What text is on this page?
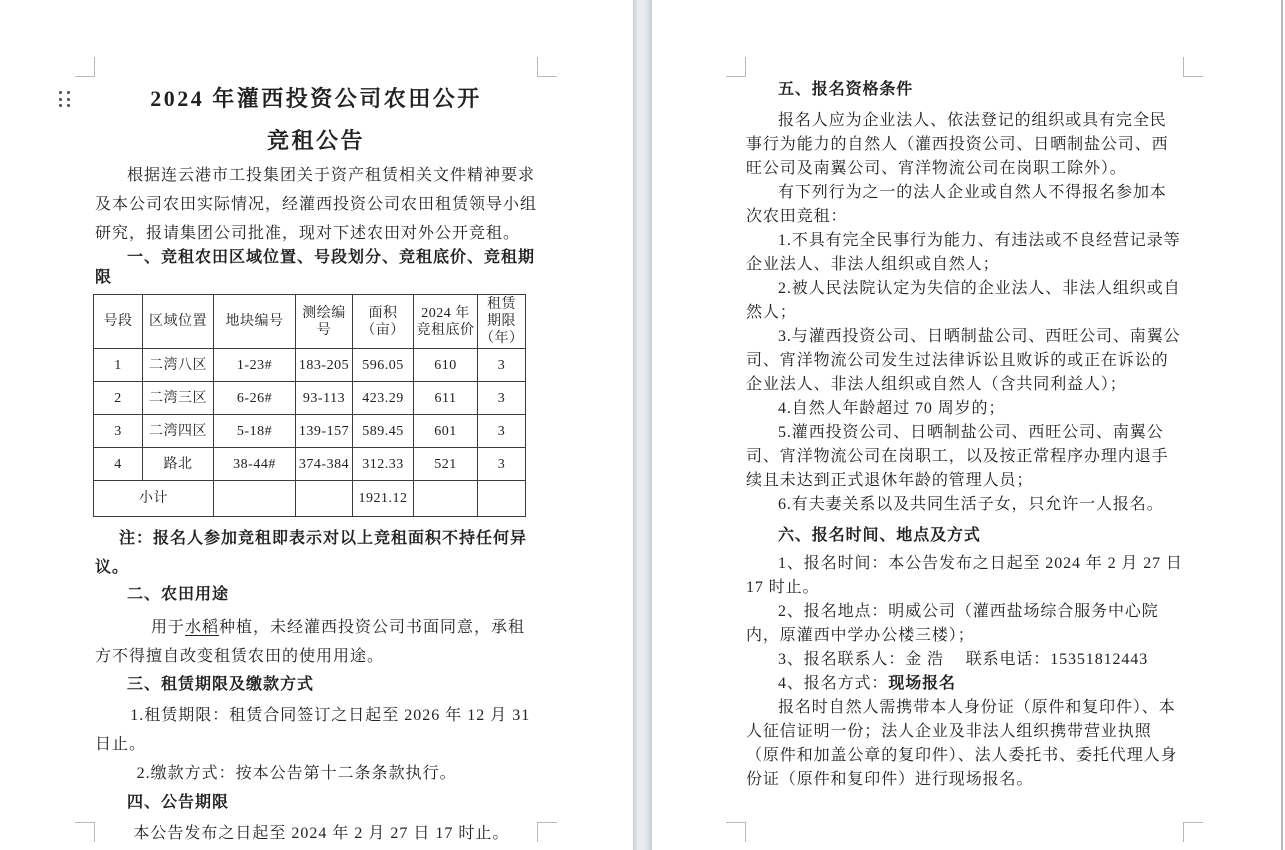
2024 年灌西投资公司农田公开

竞租公告

根据连云港市工投集团关于资产租赁相关文件精神要求及本公司农田实际情况，经灌西投资公司农田租赁领导小组研究，报请集团公司批准，现对下述农田对外公开竞租。

一、竞租农田区域位置、号段划分、竞租底价、竞租期限

号段	区域位置	地块编号	测绘编号	面积（亩）	2024 年竞租底价	租赁期限（年）
1	二湾八区	1-23#	183-205	596.05	610	3
2	二湾三区	6-26#	93-113	423.29	611	3
3	二湾四区	5-18#	139-157	589.45	601	3
4	路北	38-44#	374-384	312.33	521	3
小计				1921.12		

注：报名人参加竞租即表示对以上竞租面积不持任何异议。

二、农田用途

用于水稻种植，未经灌西投资公司书面同意，承租方不得擅自改变租赁农田的使用用途。

三、租赁期限及缴款方式

1.租赁期限：租赁合同签订之日起至 2026 年 12 月 31 日止。

2.缴款方式：按本公告第十二条条款执行。

四、公告期限

本公告发布之日起至 2024 年 2 月 27 日 17 时止。

五、报名资格条件

报名人应为企业法人、依法登记的组织或具有完全民事行为能力的自然人（灌西投资公司、日晒制盐公司、西旺公司及南翼公司、宵洋物流公司在岗职工除外）。

有下列行为之一的法人企业或自然人不得报名参加本次农田竞租：

1.不具有完全民事行为能力、有违法或不良经营记录等企业法人、非法人组织或自然人；

2.被人民法院认定为失信的企业法人、非法人组织或自然人；

3.与灌西投资公司、日晒制盐公司、西旺公司、南翼公司、宵洋物流公司发生过法律诉讼且败诉的或正在诉讼的企业法人、非法人组织或自然人（含共同利益人）；

4.自然人年龄超过 70 周岁的；

5.灌西投资公司、日晒制盐公司、西旺公司、南翼公司、宵洋物流公司在岗职工，以及按正常程序办理内退手续且未达到正式退休年龄的管理人员；

6.有夫妻关系以及共同生活子女，只允许一人报名。

六、报名时间、地点及方式

1、报名时间：本公告发布之日起至 2024 年 2 月 27 日 17 时止。

2、报名地点：明威公司（灌西盐场综合服务中心院内，原灌西中学办公楼三楼）；

3、报名联系人：金 浩　 联系电话：15351812443

4、报名方式：现场报名

报名时自然人需携带本人身份证（原件和复印件）、本人征信证明一份；法人企业及非法人组织携带营业执照（原件和加盖公章的复印件）、法人委托书、委托代理人身份证（原件和复印件）进行现场报名。
